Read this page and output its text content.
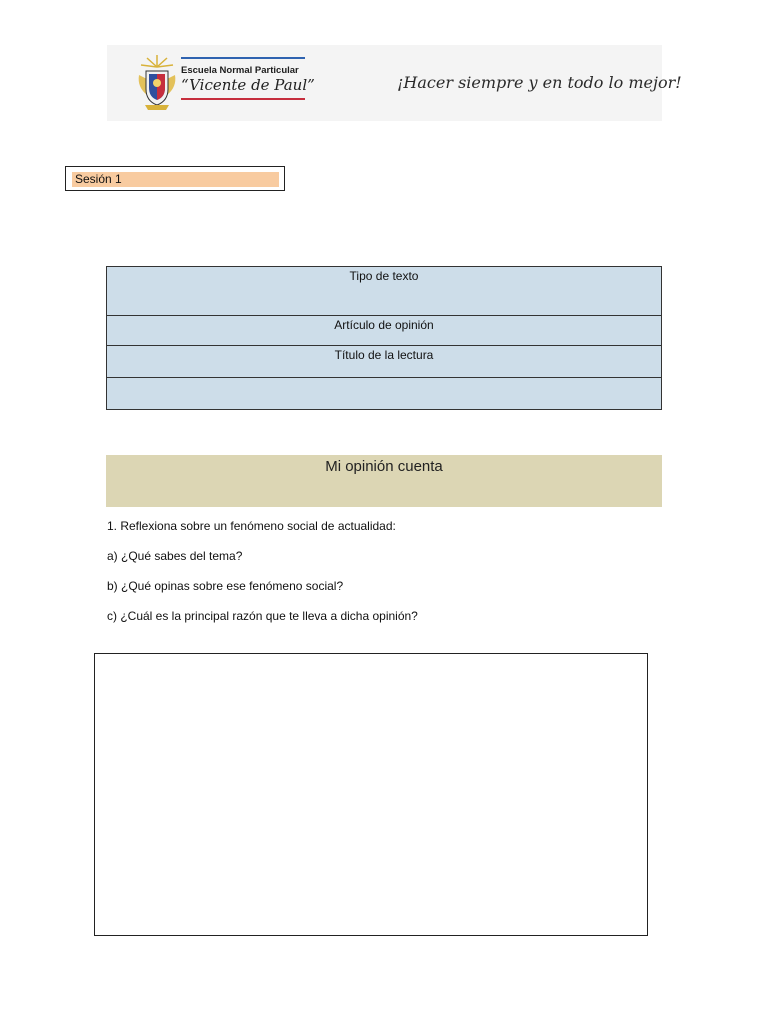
Escuela Normal Particular
“Vicente de Paul”	¡Hacer siempre y en todo lo mejor!
Sesión 1
Tipo de texto
Artículo de opinión
Título de la lectura

Mi opinión cuenta

1. Reflexiona sobre un fenómeno social de actualidad:

a) ¿Qué sabes del tema?

b) ¿Qué opinas sobre ese fenómeno social?

c) ¿Cuál es la principal razón que te lleva a dicha opinión?
